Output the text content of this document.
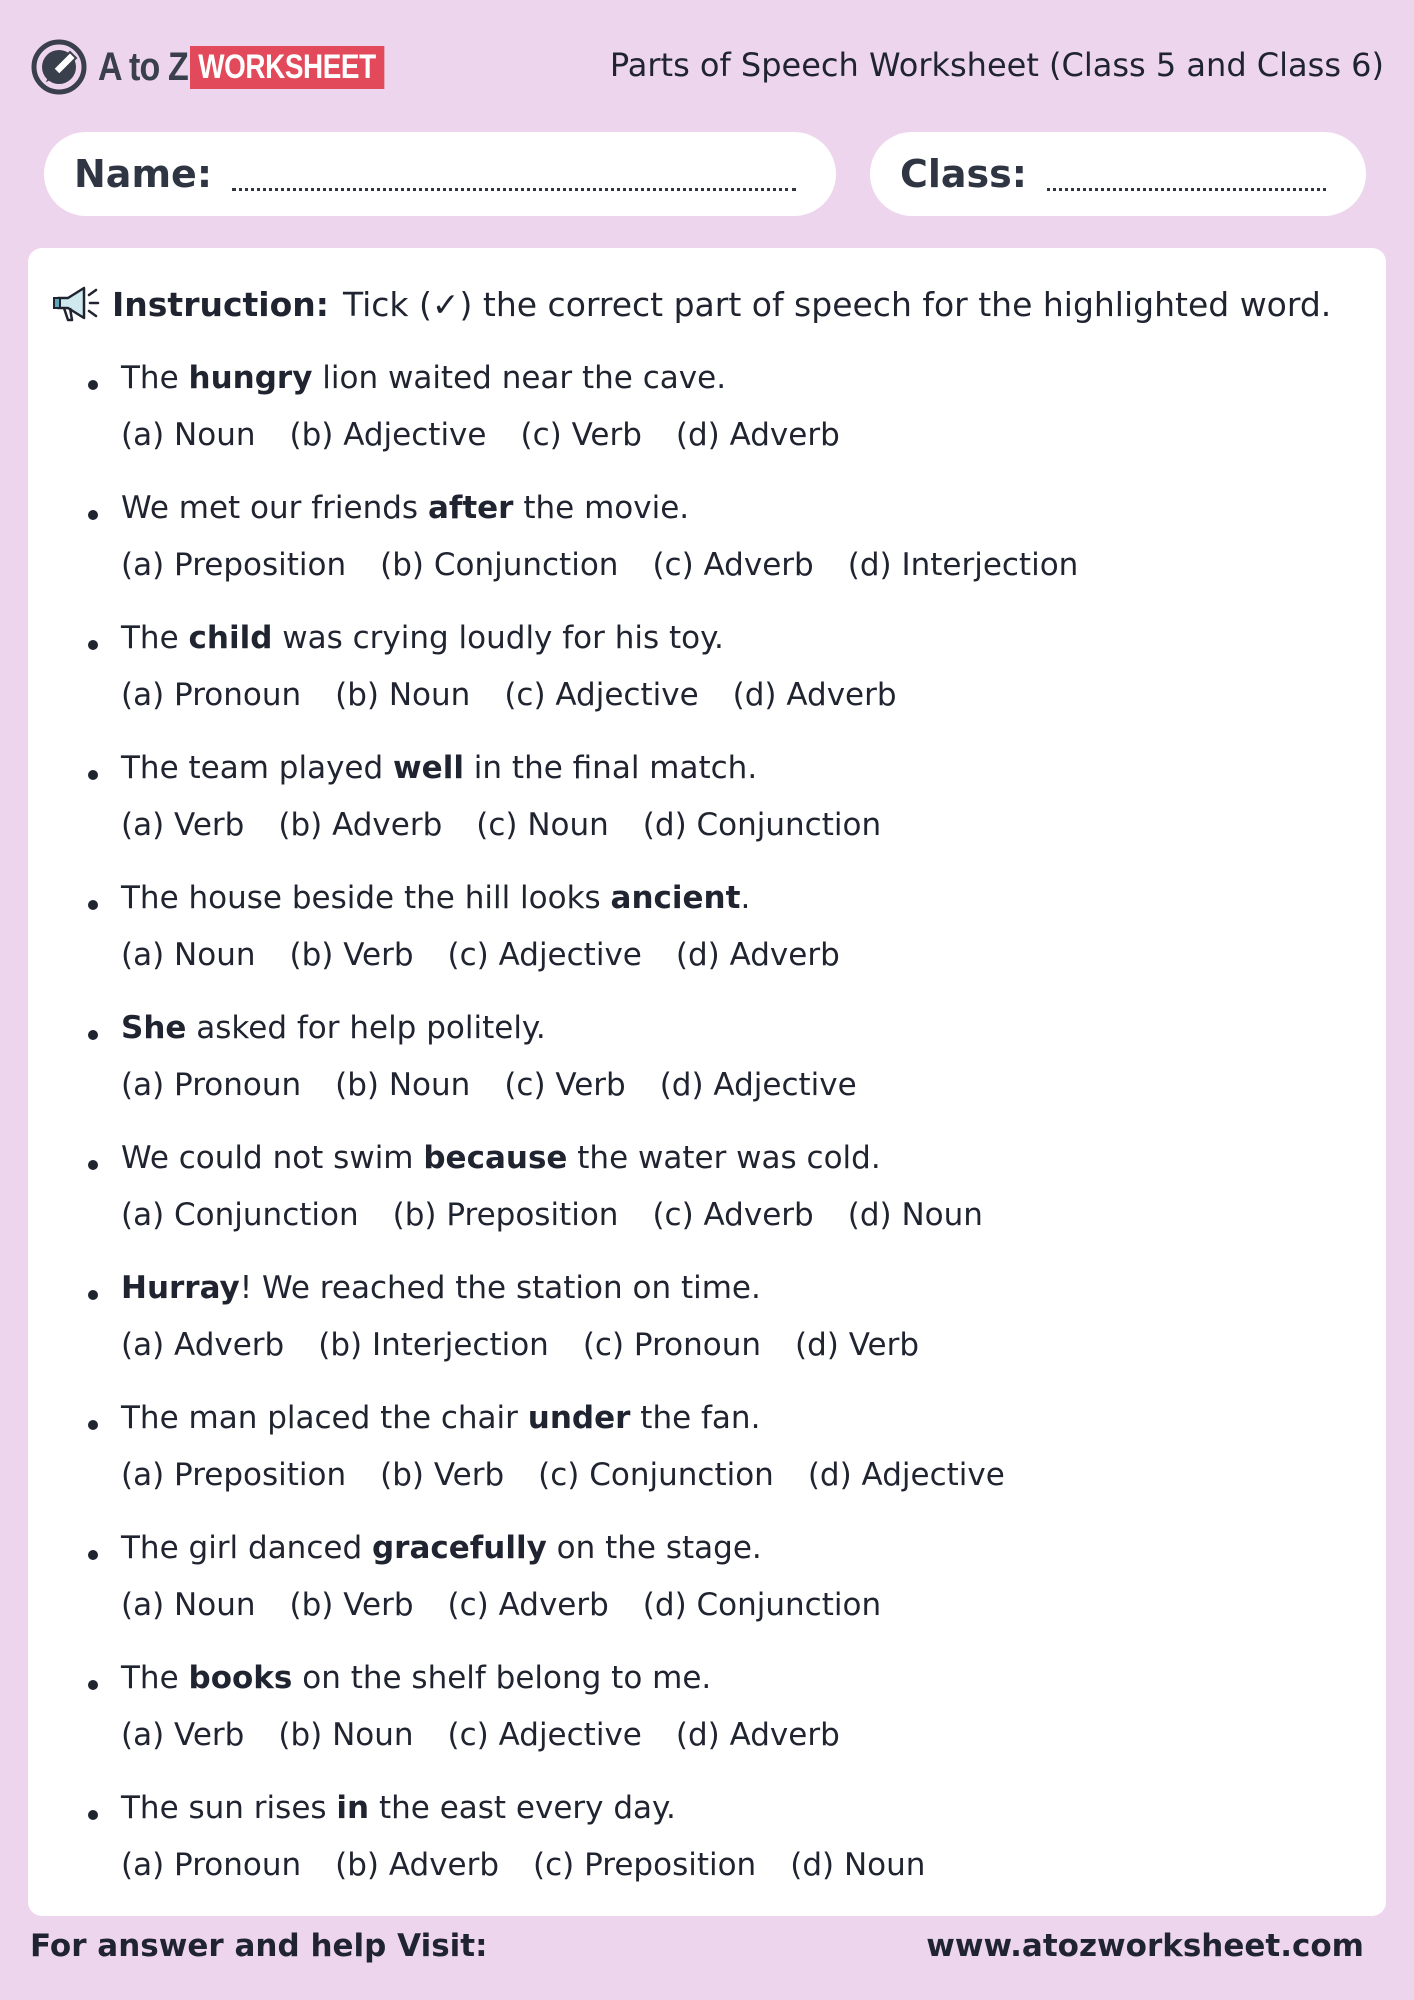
A to Z WORKSHEET	Parts of Speech Worksheet (Class 5 and Class 6)
Name:	Class:
Instruction: Tick (✓) the correct part of speech for the highlighted word.
The hungry lion waited near the cave.
(a) Noun (b) Adjective (c) Verb (d) Adverb
We met our friends after the movie.
(a) Preposition (b) Conjunction (c) Adverb (d) Interjection
The child was crying loudly for his toy.
(a) Pronoun (b) Noun (c) Adjective (d) Adverb
The team played well in the final match.
(a) Verb (b) Adverb (c) Noun (d) Conjunction
The house beside the hill looks ancient.
(a) Noun (b) Verb (c) Adjective (d) Adverb
She asked for help politely.
(a) Pronoun (b) Noun (c) Verb (d) Adjective
We could not swim because the water was cold.
(a) Conjunction (b) Preposition (c) Adverb (d) Noun
Hurray! We reached the station on time.
(a) Adverb (b) Interjection (c) Pronoun (d) Verb
The man placed the chair under the fan.
(a) Preposition (b) Verb (c) Conjunction (d) Adjective
The girl danced gracefully on the stage.
(a) Noun (b) Verb (c) Adverb (d) Conjunction
The books on the shelf belong to me.
(a) Verb (b) Noun (c) Adjective (d) Adverb
The sun rises in the east every day.
(a) Pronoun (b) Adverb (c) Preposition (d) Noun
For answer and help Visit:	www.atozworksheet.com
